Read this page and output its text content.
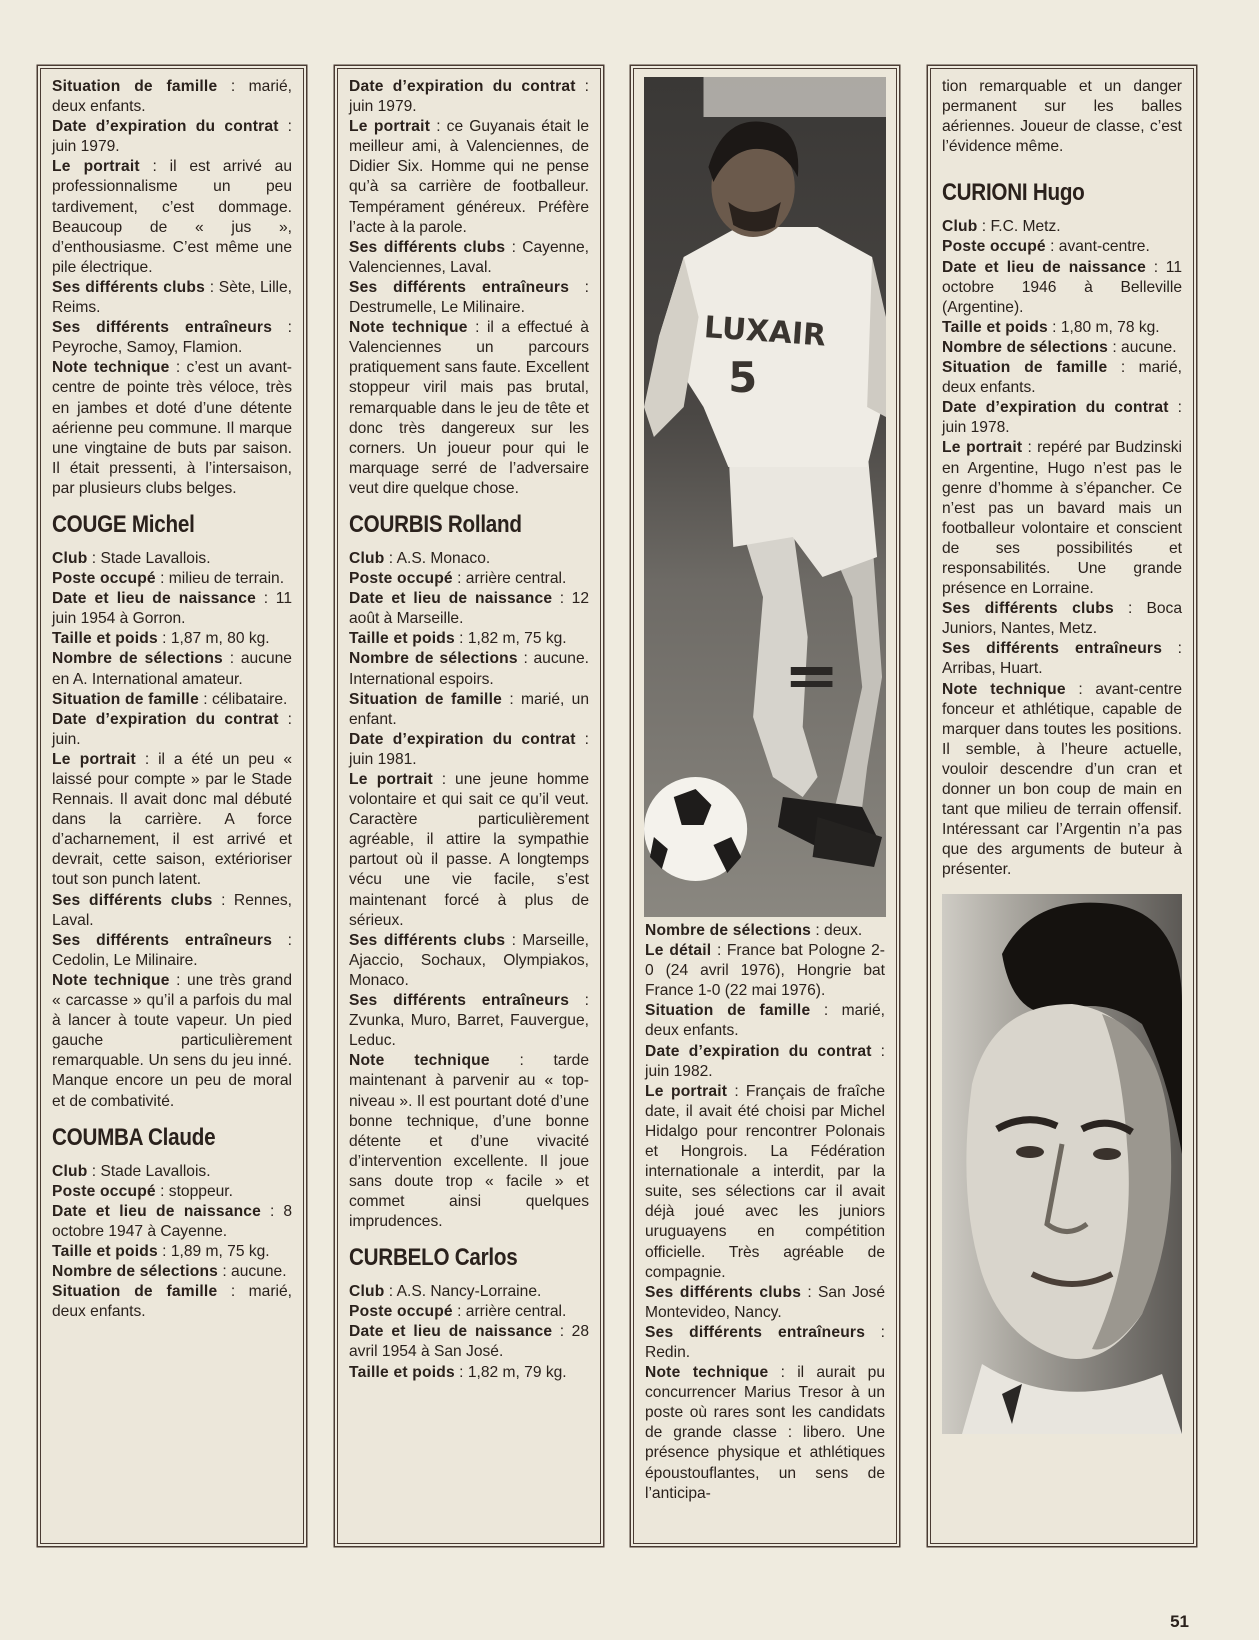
Situation de famille : marié, deux enfants.

Date d’expiration du contrat : juin 1979.

Le portrait : il est arrivé au professionnalisme un peu tardivement, c’est dommage. Beaucoup de « jus », d’enthousiasme. C’est même une pile électrique.

Ses différents clubs : Sète, Lille, Reims.

Ses différents entraîneurs : Peyroche, Samoy, Flamion.

Note technique : c’est un avant-centre de pointe très véloce, très en jambes et doté d’une détente aérienne peu commune. Il marque une vingtaine de buts par saison. Il était pressenti, à l’intersaison, par plusieurs clubs belges.

COUGE Michel

Club : Stade Lavallois.

Poste occupé : milieu de terrain.

Date et lieu de naissance : 11 juin 1954 à Gorron.

Taille et poids : 1,87 m, 80 kg.

Nombre de sélections : aucune en A. International amateur.

Situation de famille : célibataire.

Date d’expiration du contrat : juin.

Le portrait : il a été un peu « laissé pour compte » par le Stade Rennais. Il avait donc mal débuté dans la carrière. A force d’acharnement, il est arrivé et devrait, cette saison, extérioriser tout son punch latent.

Ses différents clubs : Rennes, Laval.

Ses différents entraîneurs : Cedolin, Le Milinaire.

Note technique : une très grand « carcasse » qu’il a parfois du mal à lancer à toute vapeur. Un pied gauche particulièrement remarquable. Un sens du jeu inné. Manque encore un peu de moral et de combativité.

COUMBA Claude

Club : Stade Lavallois.

Poste occupé : stoppeur.

Date et lieu de naissance : 8 octobre 1947 à Cayenne.

Taille et poids : 1,89 m, 75 kg.

Nombre de sélections : aucune.

Situation de famille : marié, deux enfants.

Date d’expiration du contrat : juin 1979.

Le portrait : ce Guyanais était le meilleur ami, à Valenciennes, de Didier Six. Homme qui ne pense qu’à sa carrière de footballeur. Tempérament généreux. Préfère l’acte à la parole.

Ses différents clubs : Cayenne, Valenciennes, Laval.

Ses différents entraîneurs : Destrumelle, Le Milinaire.

Note technique : il a effectué à Valenciennes un parcours pratiquement sans faute. Excellent stoppeur viril mais pas brutal, remarquable dans le jeu de tête et donc très dangereux sur les corners. Un joueur pour qui le marquage serré de l’adversaire veut dire quelque chose.

COURBIS Rolland

Club : A.S. Monaco.

Poste occupé : arrière central.

Date et lieu de naissance : 12 août à Marseille.

Taille et poids : 1,82 m, 75 kg.

Nombre de sélections : aucune. International espoirs.

Situation de famille : marié, un enfant.

Date d’expiration du contrat : juin 1981.

Le portrait : une jeune homme volontaire et qui sait ce qu’il veut. Caractère particulièrement agréable, il attire la sympathie partout où il passe. A longtemps vécu une vie facile, s’est maintenant forcé à plus de sérieux.

Ses différents clubs : Marseille, Ajaccio, Sochaux, Olympiakos, Monaco.

Ses différents entraîneurs : Zvunka, Muro, Barret, Fauvergue, Leduc.

Note technique : tarde maintenant à parvenir au « top-niveau ». Il est pourtant doté d’une bonne technique, d’une bonne détente et d’une vivacité d’intervention excellente. Il joue sans doute trop « facile » et commet ainsi quelques imprudences.

CURBELO Carlos

Club : A.S. Nancy-Lorraine.

Poste occupé : arrière central.

Date et lieu de naissance : 28 avril 1954 à San José.

Taille et poids : 1,82 m, 79 kg.

LUXAIR
5

Nombre de sélections : deux.

Le détail : France bat Pologne 2-0 (24 avril 1976), Hongrie bat France 1-0 (22 mai 1976).

Situation de famille : marié, deux enfants.

Date d’expiration du contrat : juin 1982.

Le portrait : Français de fraîche date, il avait été choisi par Michel Hidalgo pour rencontrer Polonais et Hongrois. La Fédération internationale a interdit, par la suite, ses sélections car il avait déjà joué avec les juniors uruguayens en compétition officielle. Très agréable de compagnie.

Ses différents clubs : San José Montevideo, Nancy.

Ses différents entraîneurs : Redin.

Note technique : il aurait pu concurrencer Marius Tresor à un poste où rares sont les candidats de grande classe : libero. Une présence physique et athlétiques époustouflantes, un sens de l’anticipa-

tion remarquable et un danger permanent sur les balles aériennes. Joueur de classe, c’est l’évidence même.

CURIONI Hugo

Club : F.C. Metz.

Poste occupé : avant-centre.

Date et lieu de naissance : 11 octobre 1946 à Belleville (Argentine).

Taille et poids : 1,80 m, 78 kg.

Nombre de sélections : aucune.

Situation de famille : marié, deux enfants.

Date d’expiration du contrat : juin 1978.

Le portrait : repéré par Budzinski en Argentine, Hugo n’est pas le genre d’homme à s’épancher. Ce n’est pas un bavard mais un footballeur volontaire et conscient de ses possibilités et responsabilités. Une grande présence en Lorraine.

Ses différents clubs : Boca Juniors, Nantes, Metz.

Ses différents entraîneurs : Arribas, Huart.

Note technique : avant-centre fonceur et athlétique, capable de marquer dans toutes les positions. Il semble, à l’heure actuelle, vouloir descendre d’un cran et donner un bon coup de main en tant que milieu de terrain offensif. Intéressant car l’Argentin n’a pas que des arguments de buteur à présenter.

51
